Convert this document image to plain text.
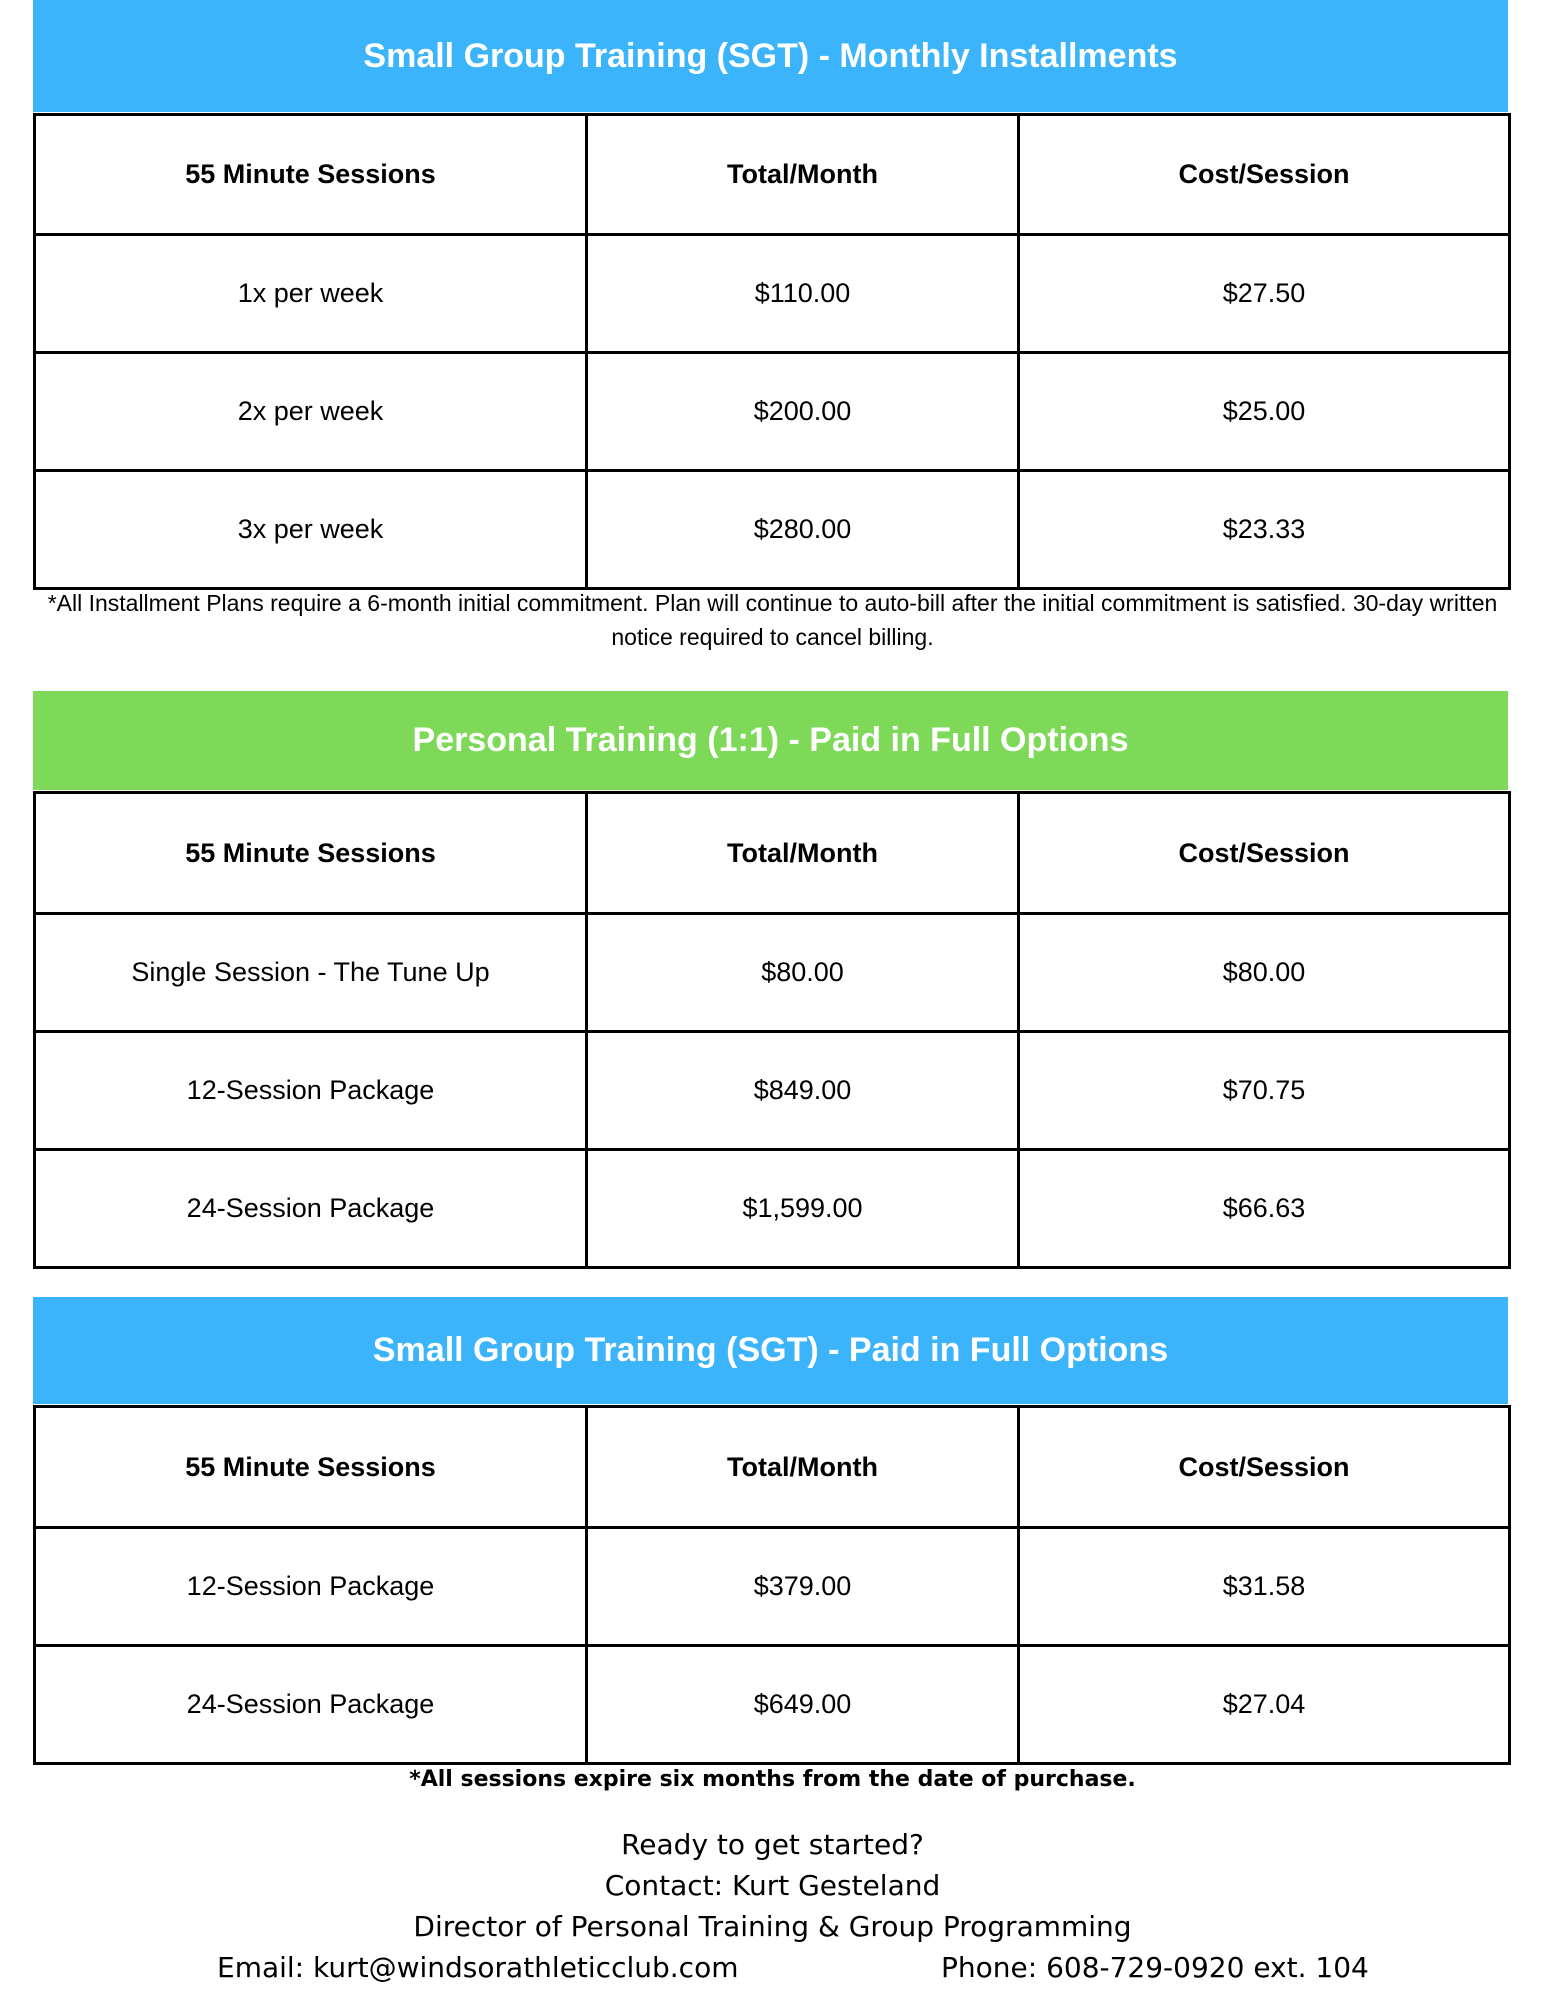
Small Group Training (SGT) - Monthly Installments
55 Minute Sessions	Total/Month	Cost/Session
1x per week	$110.00	$27.50
2x per week	$200.00	$25.00
3x per week	$280.00	$23.33
*All Installment Plans require a 6-month initial commitment. Plan will continue to auto-bill after the initial commitment is satisfied. 30-day written notice required to cancel billing.
Personal Training (1:1) - Paid in Full Options
55 Minute Sessions	Total/Month	Cost/Session
Single Session - The Tune Up	$80.00	$80.00
12-Session Package	$849.00	$70.75
24-Session Package	$1,599.00	$66.63
Small Group Training (SGT) - Paid in Full Options
55 Minute Sessions	Total/Month	Cost/Session
12-Session Package	$379.00	$31.58
24-Session Package	$649.00	$27.04
*All sessions expire six months from the date of purchase.
Ready to get started?
Contact: Kurt Gesteland
Director of Personal Training & Group Programming
Email: kurt@windsorathleticclub.com	Phone: 608-729-0920 ext. 104
